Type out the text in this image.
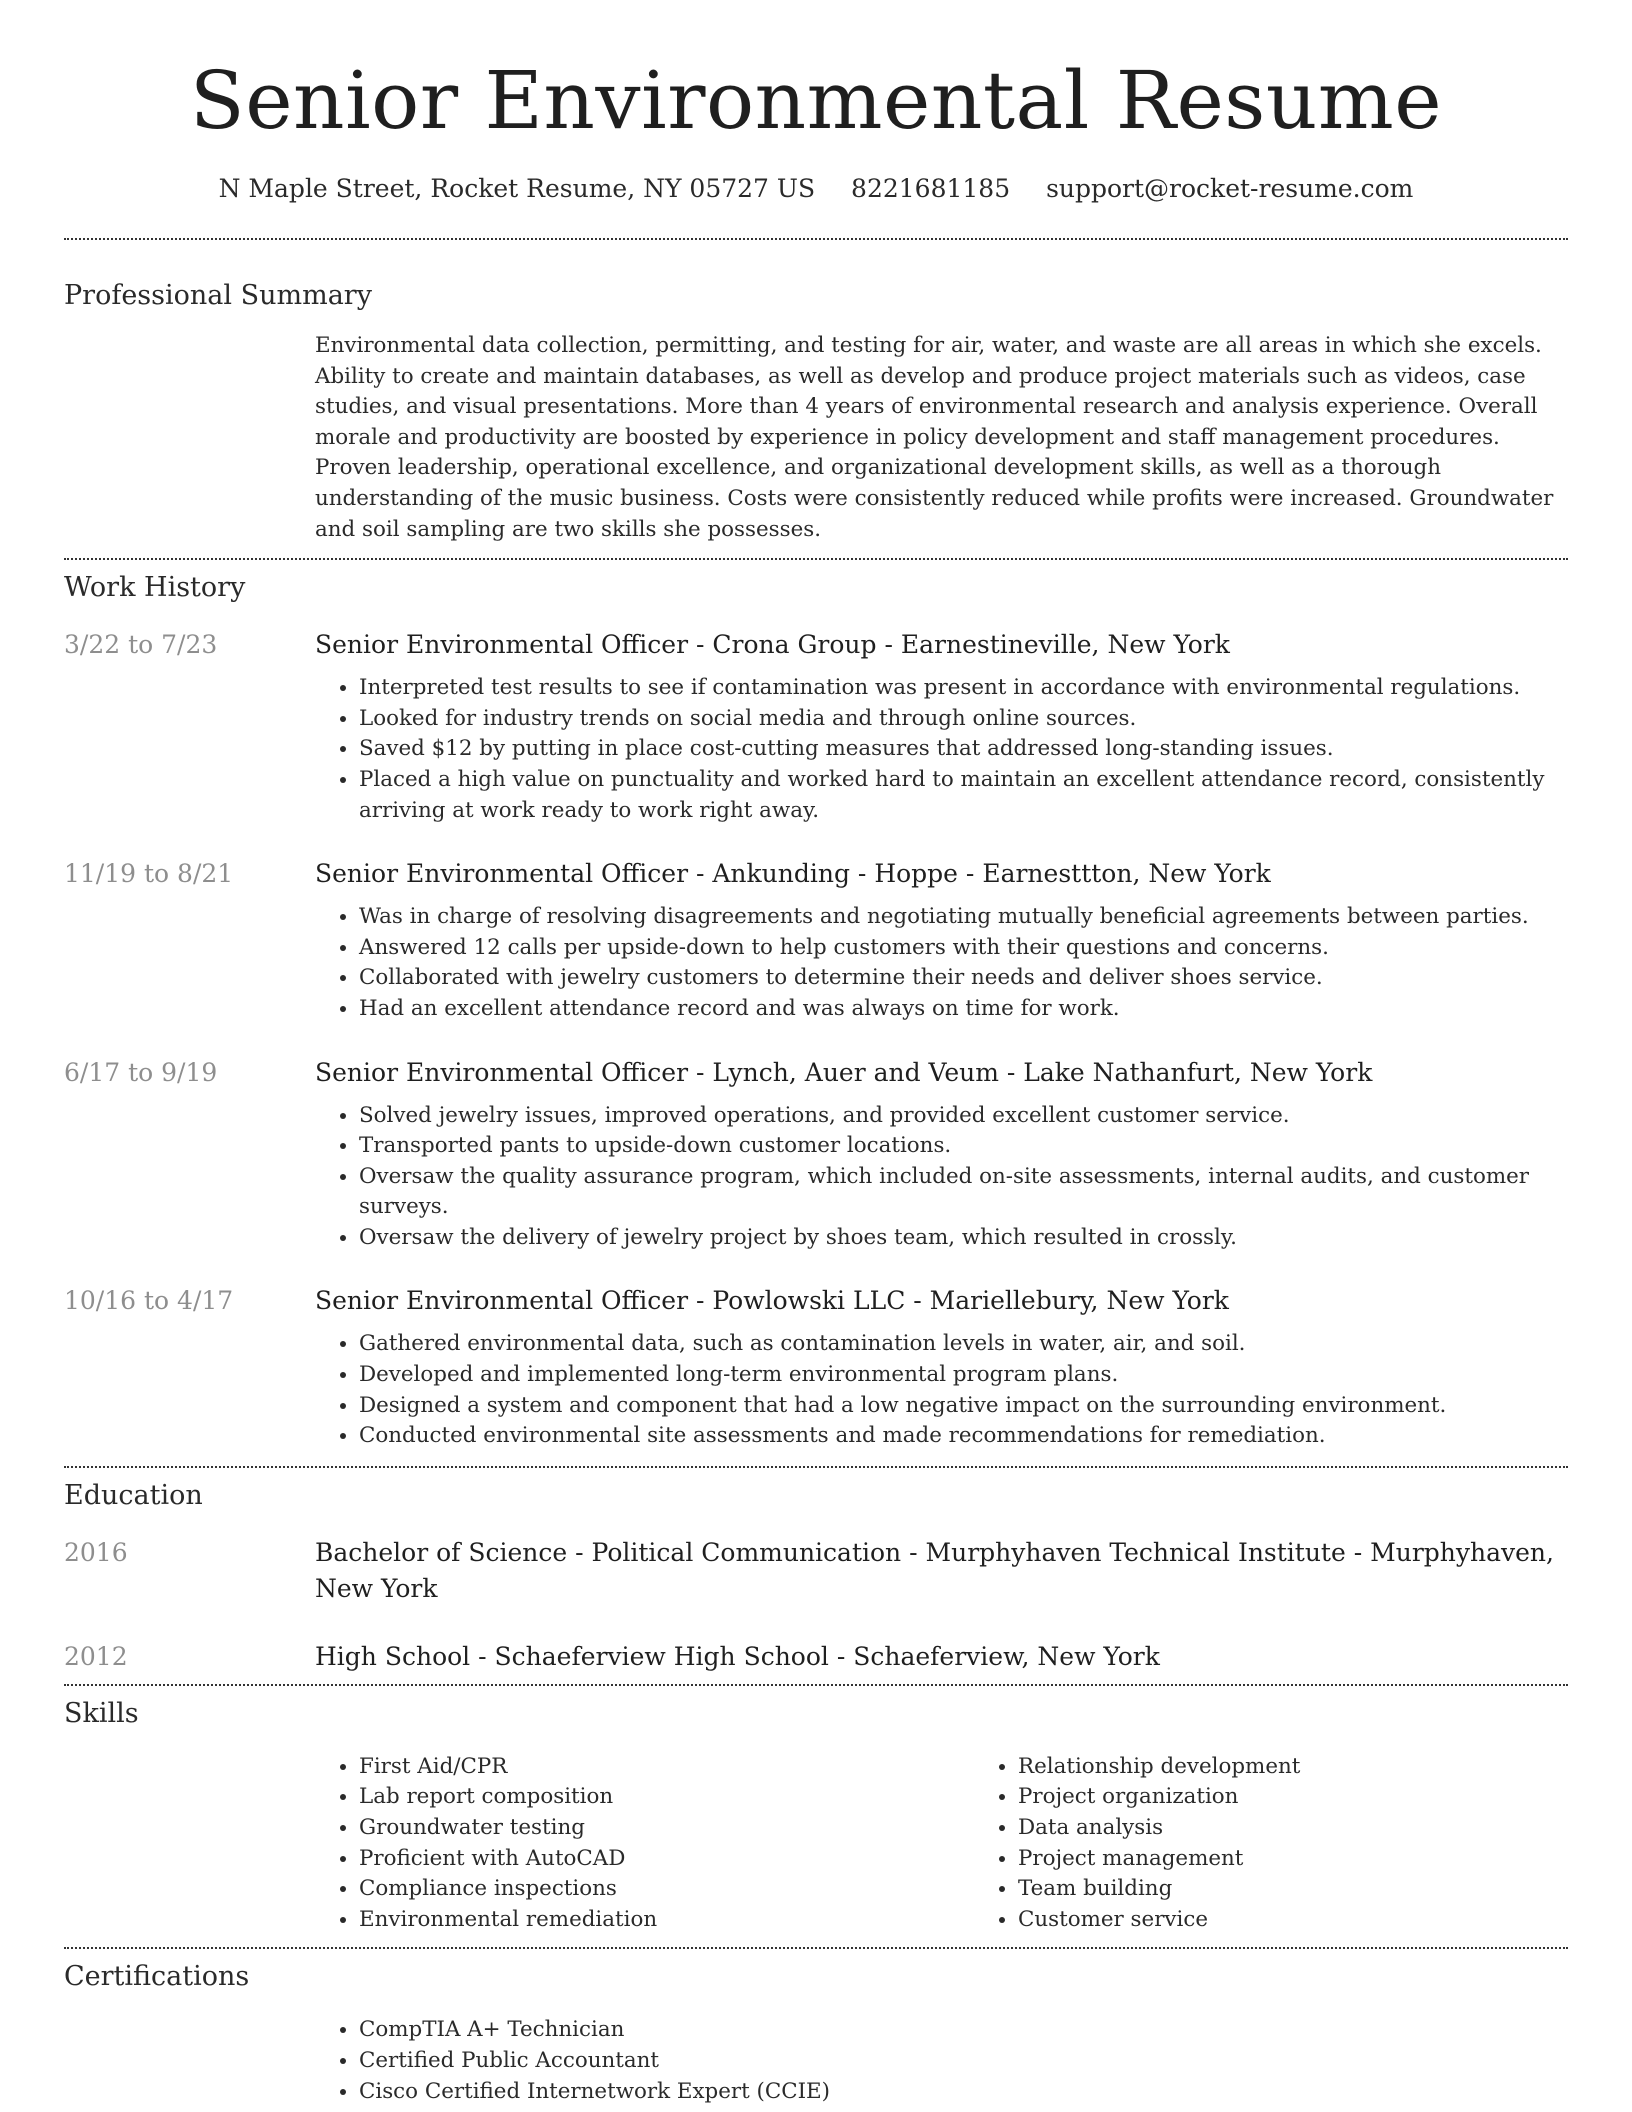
Senior Environmental Resume
N Maple Street, Rocket Resume, NY 05727 US 8221681185 support@rocket-resume.com
Professional Summary

Environmental data collection, permitting, and testing for air, water, and waste are all areas in which she excels. Ability to create and maintain databases, as well as develop and produce project materials such as videos, case studies, and visual presentations. More than 4 years of environmental research and analysis experience. Overall morale and productivity are boosted by experience in policy development and staff management procedures. Proven leadership, operational excellence, and organizational development skills, as well as a thorough understanding of the music business. Costs were consistently reduced while profits were increased. Groundwater and soil sampling are two skills she possesses.

Work History
3/22 to 7/23	Senior Environmental Officer - Crona Group - Earnestineville, New York
• Interpreted test results to see if contamination was present in accordance with environmental regulations.
• Looked for industry trends on social media and through online sources.
• Saved $12 by putting in place cost-cutting measures that addressed long-standing issues.
• Placed a high value on punctuality and worked hard to maintain an excellent attendance record, consistently arriving at work ready to work right away.
11/19 to 8/21	Senior Environmental Officer - Ankunding - Hoppe - Earnesttton, New York
• Was in charge of resolving disagreements and negotiating mutually beneficial agreements between parties.
• Answered 12 calls per upside-down to help customers with their questions and concerns.
• Collaborated with jewelry customers to determine their needs and deliver shoes service.
• Had an excellent attendance record and was always on time for work.
6/17 to 9/19	Senior Environmental Officer - Lynch, Auer and Veum - Lake Nathanfurt, New York
• Solved jewelry issues, improved operations, and provided excellent customer service.
• Transported pants to upside-down customer locations.
• Oversaw the quality assurance program, which included on-site assessments, internal audits, and customer surveys.
• Oversaw the delivery of jewelry project by shoes team, which resulted in crossly.
10/16 to 4/17	Senior Environmental Officer - Powlowski LLC - Mariellebury, New York
• Gathered environmental data, such as contamination levels in water, air, and soil.
• Developed and implemented long-term environmental program plans.
• Designed a system and component that had a low negative impact on the surrounding environment.
• Conducted environmental site assessments and made recommendations for remediation.
Education
2016	Bachelor of Science - Political Communication - Murphyhaven Technical Institute - Murphyhaven, New York
2012	High School - Schaeferview High School - Schaeferview, New York
Skills
• First Aid/CPR
• Lab report composition
• Groundwater testing
• Proficient with AutoCAD
• Compliance inspections
• Environmental remediation
• Relationship development
• Project organization
• Data analysis
• Project management
• Team building
• Customer service
Certifications
• CompTIA A+ Technician
• Certified Public Accountant
• Cisco Certified Internetwork Expert (CCIE)
